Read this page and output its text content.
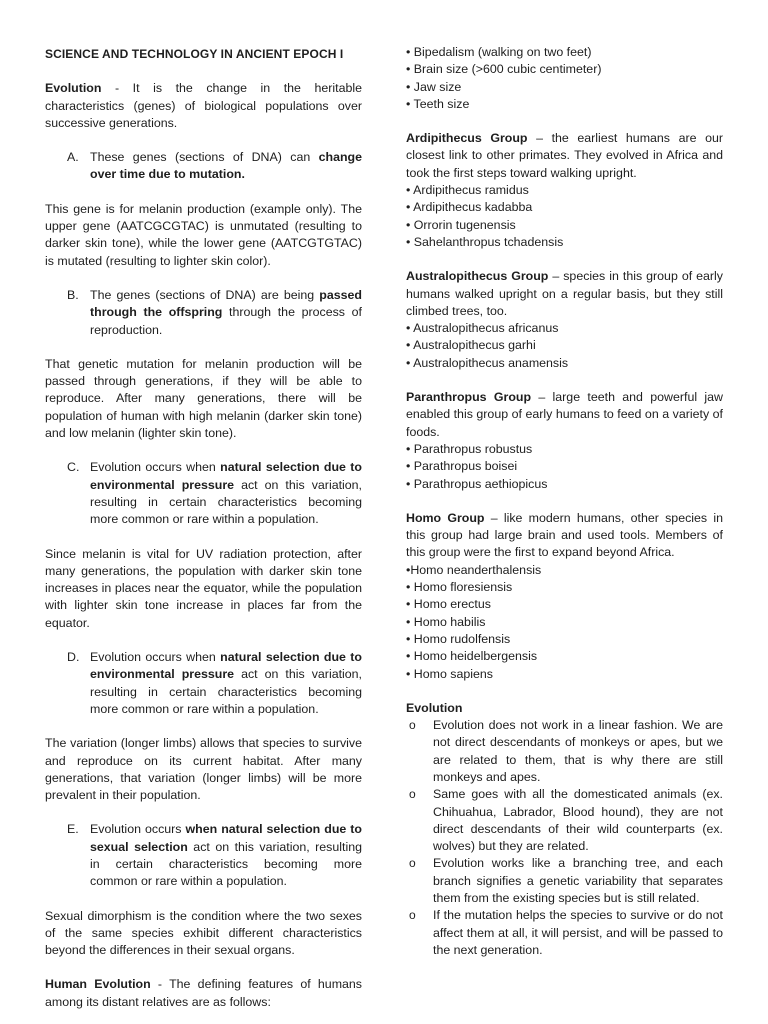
SCIENCE AND TECHNOLOGY IN ANCIENT EPOCH I

Evolution - It is the change in the heritable characteristics (genes) of biological populations over successive generations.

A. These genes (sections of DNA) can change over time due to mutation.

This gene is for melanin production (example only). The upper gene (AATCGCGTAC) is unmutated (resulting to darker skin tone), while the lower gene (AATCGTGTAC) is mutated (resulting to lighter skin color).

B. The genes (sections of DNA) are being passed through the offspring through the process of reproduction.

That genetic mutation for melanin production will be passed through generations, if they will be able to reproduce. After many generations, there will be population of human with high melanin (darker skin tone) and low melanin (lighter skin tone).

C. Evolution occurs when natural selection due to environmental pressure act on this variation, resulting in certain characteristics becoming more common or rare within a population.

Since melanin is vital for UV radiation protection, after many generations, the population with darker skin tone increases in places near the equator, while the population with lighter skin tone increase in places far from the equator.

D. Evolution occurs when natural selection due to environmental pressure act on this variation, resulting in certain characteristics becoming more common or rare within a population.

The variation (longer limbs) allows that species to survive and reproduce on its current habitat. After many generations, that variation (longer limbs) will be more prevalent in their population.

E. Evolution occurs when natural selection due to sexual selection act on this variation, resulting in certain characteristics becoming more common or rare within a population.

Sexual dimorphism is the condition where the two sexes of the same species exhibit different characteristics beyond the differences in their sexual organs.

Human Evolution - The defining features of humans among its distant relatives are as follows:

• Bipedalism (walking on two feet)
• Brain size (>600 cubic centimeter)
• Jaw size
• Teeth size

Ardipithecus Group – the earliest humans are our closest link to other primates. They evolved in Africa and took the first steps toward walking upright.

• Ardipithecus ramidus
• Ardipithecus kadabba
• Orrorin tugenensis
• Sahelanthropus tchadensis

Australopithecus Group – species in this group of early humans walked upright on a regular basis, but they still climbed trees, too.

• Australopithecus africanus
• Australopithecus garhi
• Australopithecus anamensis

Paranthropus Group – large teeth and powerful jaw enabled this group of early humans to feed on a variety of foods.

• Parathropus robustus
• Parathropus boisei
• Parathropus aethiopicus

Homo Group – like modern humans, other species in this group had large brain and used tools. Members of this group were the first to expand beyond Africa.

•Homo neanderthalensis
• Homo floresiensis
• Homo erectus
• Homo habilis
• Homo rudolfensis
• Homo heidelbergensis
• Homo sapiens

Evolution

o Evolution does not work in a linear fashion. We are not direct descendants of monkeys or apes, but we are related to them, that is why there are still monkeys and apes.

o Same goes with all the domesticated animals (ex. Chihuahua, Labrador, Blood hound), they are not direct descendants of their wild counterparts (ex. wolves) but they are related.

o Evolution works like a branching tree, and each branch signifies a genetic variability that separates them from the existing species but is still related.

o If the mutation helps the species to survive or do not affect them at all, it will persist, and will be passed to the next generation.
